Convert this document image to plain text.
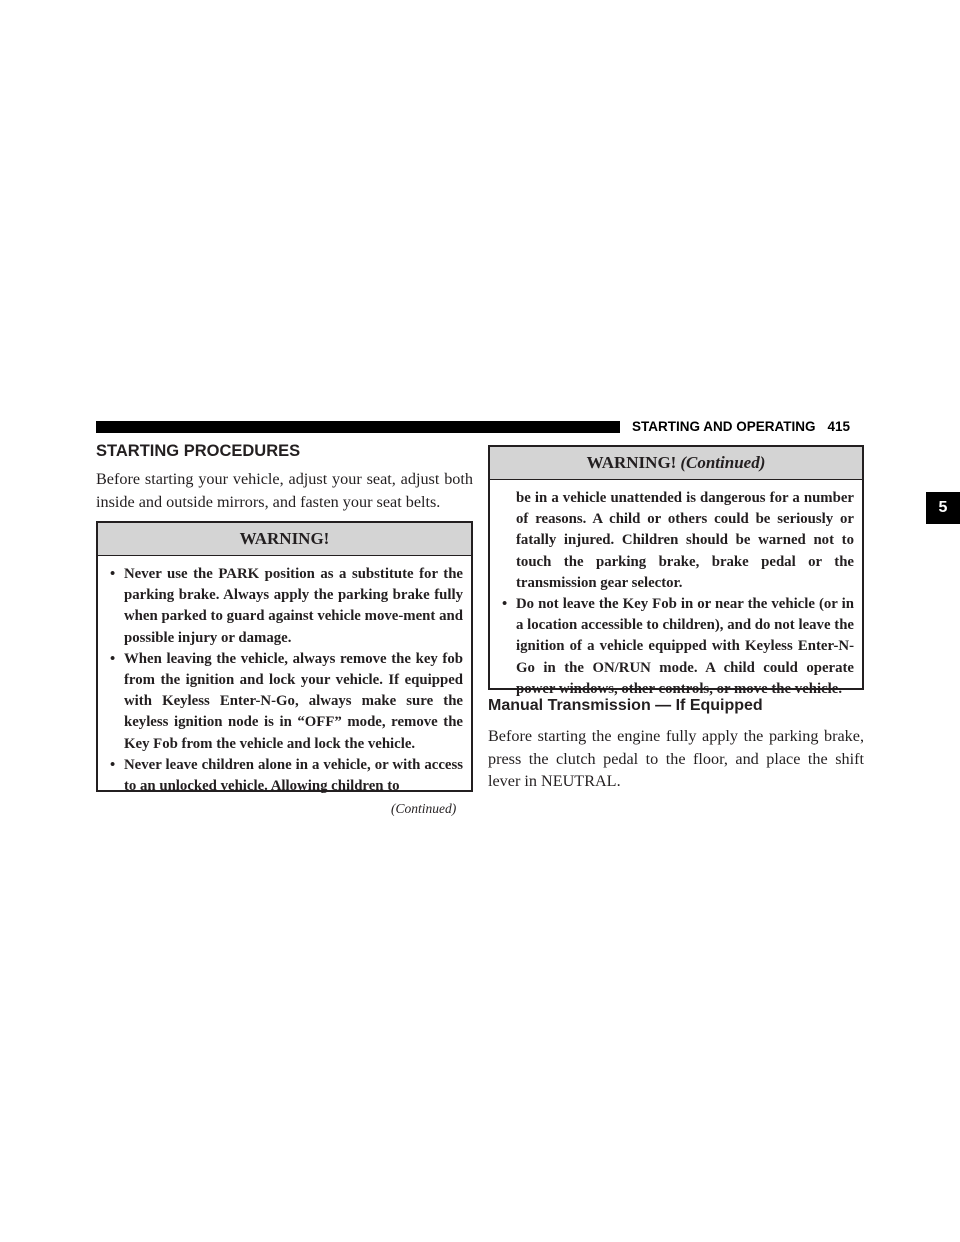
STARTING AND OPERATING 415
5
STARTING PROCEDURES
Before starting your vehicle, adjust your seat, adjust both inside and outside mirrors, and fasten your seat belts.
WARNING!
• Never use the PARK position as a substitute for the parking brake. Always apply the parking brake fully when parked to guard against vehicle move-ment and possible injury or damage.
• When leaving the vehicle, always remove the key fob from the ignition and lock your vehicle. If equipped with Keyless Enter-N-Go, always make sure the keyless ignition node is in “OFF” mode, remove the Key Fob from the vehicle and lock the vehicle.
• Never leave children alone in a vehicle, or with access to an unlocked vehicle. Allowing children to
(Continued)
WARNING! (Continued)
be in a vehicle unattended is dangerous for a number of reasons. A child or others could be seriously or fatally injured. Children should be warned not to touch the parking brake, brake pedal or the transmission gear selector.
• Do not leave the Key Fob in or near the vehicle (or in a location accessible to children), and do not leave the ignition of a vehicle equipped with Keyless Enter-N-Go in the ON/RUN mode. A child could operate power windows, other controls, or move the vehicle.
Manual Transmission — If Equipped
Before starting the engine fully apply the parking brake, press the clutch pedal to the floor, and place the shift lever in NEUTRAL.
